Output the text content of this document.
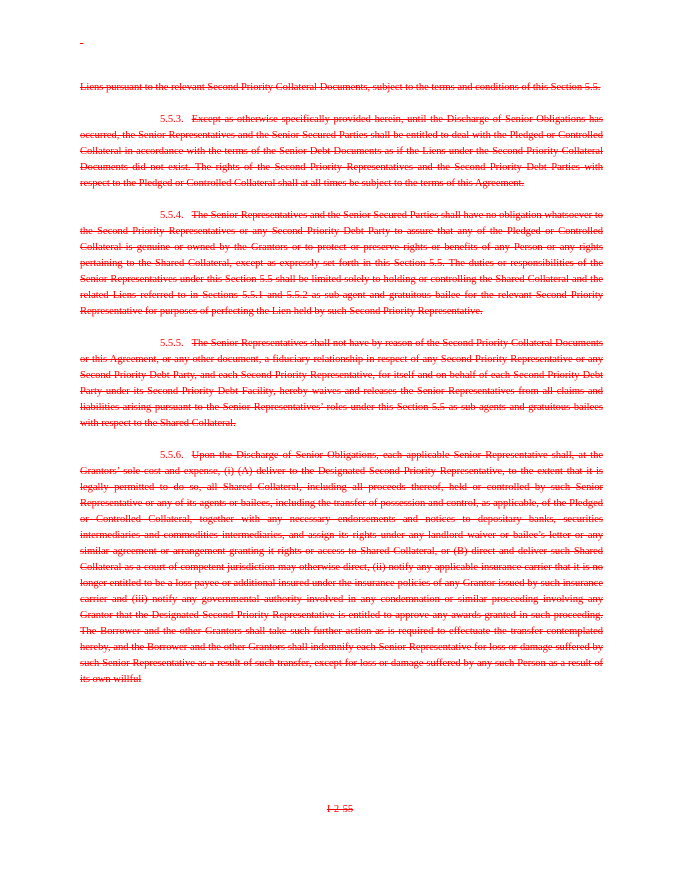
-

Liens pursuant to the relevant Second Priority Collateral Documents, subject to the terms and conditions of this Section 5.5.

5.5.3. Except as otherwise specifically provided herein, until the Discharge of Senior Obligations has occurred, the Senior Representatives and the Senior Secured Parties shall be entitled to deal with the Pledged or Controlled Collateral in accordance with the terms of the Senior Debt Documents as if the Liens under the Second Priority Collateral Documents did not exist. The rights of the Second Priority Representatives and the Second Priority Debt Parties with respect to the Pledged or Controlled Collateral shall at all times be subject to the terms of this Agreement.

5.5.4. The Senior Representatives and the Senior Secured Parties shall have no obligation whatsoever to the Second Priority Representatives or any Second Priority Debt Party to assure that any of the Pledged or Controlled Collateral is genuine or owned by the Grantors or to protect or preserve rights or benefits of any Person or any rights pertaining to the Shared Collateral, except as expressly set forth in this Section 5.5. The duties or responsibilities of the Senior Representatives under this Section 5.5 shall be limited solely to holding or controlling the Shared Collateral and the related Liens referred to in Sections 5.5.1 and 5.5.2 as sub-agent and gratuitous bailee for the relevant Second Priority Representative for purposes of perfecting the Lien held by such Second Priority Representative.

5.5.5. The Senior Representatives shall not have by reason of the Second Priority Collateral Documents or this Agreement, or any other document, a fiduciary relationship in respect of any Second Priority Representative or any Second Priority Debt Party, and each Second Priority Representative, for itself and on behalf of each Second Priority Debt Party under its Second Priority Debt Facility, hereby waives and releases the Senior Representatives from all claims and liabilities arising pursuant to the Senior Representatives’ roles under this Section 5.5 as sub-agents and gratuitous bailees with respect to the Shared Collateral.

5.5.6. Upon the Discharge of Senior Obligations, each applicable Senior Representative shall, at the Grantors’ sole cost and expense, (i) (A) deliver to the Designated Second Priority Representative, to the extent that it is legally permitted to do so, all Shared Collateral, including all proceeds thereof, held or controlled by such Senior Representative or any of its agents or bailees, including the transfer of possession and control, as applicable, of the Pledged or Controlled Collateral, together with any necessary endorsements and notices to depositary banks, securities intermediaries and commodities intermediaries, and assign its rights under any landlord waiver or bailee’s letter or any similar agreement or arrangement granting it rights or access to Shared Collateral, or (B) direct and deliver such Shared Collateral as a court of competent jurisdiction may otherwise direct, (ii) notify any applicable insurance carrier that it is no longer entitled to be a loss payee or additional insured under the insurance policies of any Grantor issued by such insurance carrier and (iii) notify any governmental authority involved in any condemnation or similar proceeding involving any Grantor that the Designated Second Priority Representative is entitled to approve any awards granted in such proceeding. The Borrower and the other Grantors shall take such further action as is required to effectuate the transfer contemplated hereby, and the Borrower and the other Grantors shall indemnify each Senior Representative for loss or damage suffered by such Senior Representative as a result of such transfer, except for loss or damage suffered by any such Person as a result of its own willful

I-2-55
